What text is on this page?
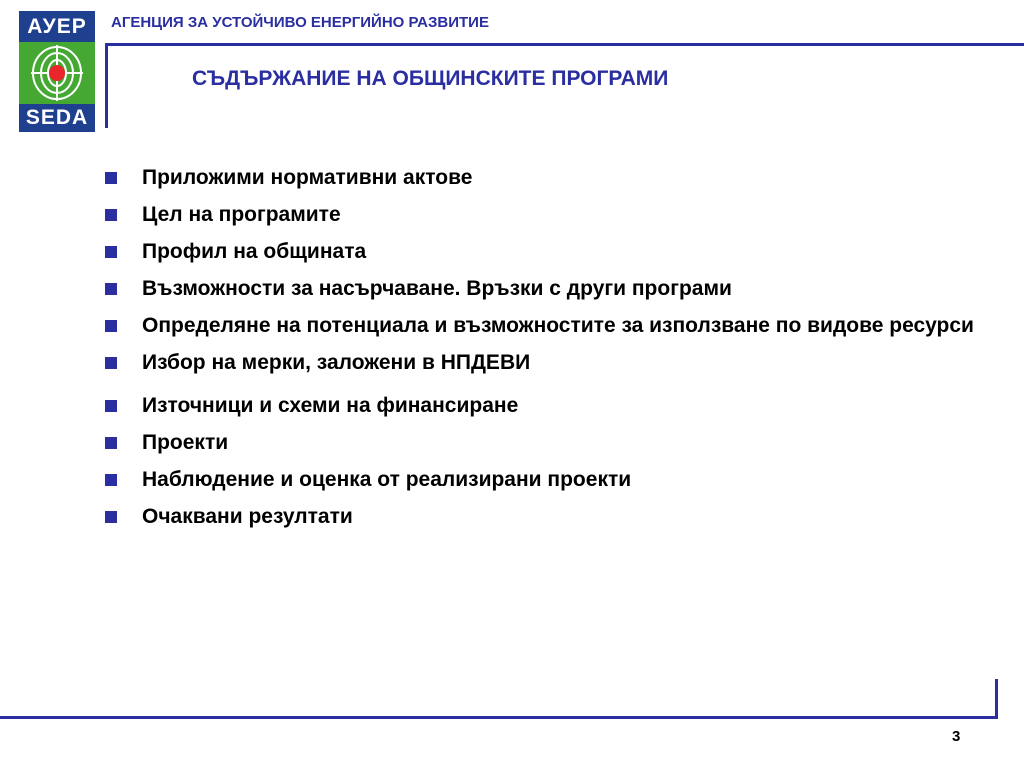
АУЕР
SEDA
АГЕНЦИЯ ЗА УСТОЙЧИВО ЕНЕРГИЙНО РАЗВИТИЕ
СЪДЪРЖАНИЕ НА ОБЩИНСКИТЕ ПРОГРАМИ
Приложими нормативни актове
Цел на програмите
Профил на общината
Възможности за насърчаване. Връзки с други програми
Определяне на потенциала и възможностите за използване по видове ресурси
Избор на мерки, заложени в НПДЕВИ
Източници и схеми на финансиране
Проекти
Наблюдение и оценка от реализирани проекти
Очаквани резултати
3
